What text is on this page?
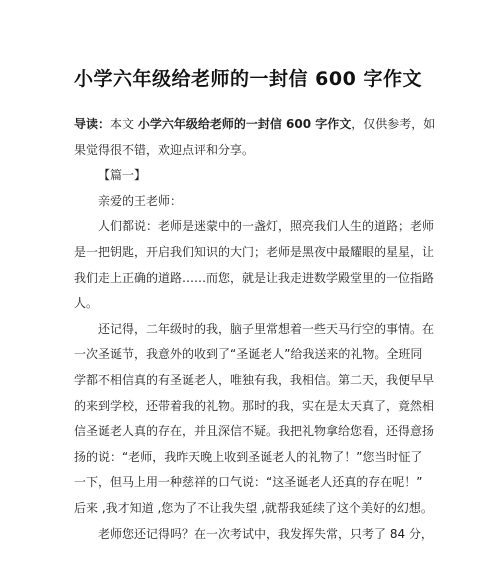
小学六年级给老师的一封信 600 字作文
导读：本文 小学六年级给老师的一封信 600 字作文，仅供参考，如
果觉得很不错，欢迎点评和分享。
【篇一】
亲爱的王老师：
人们都说：老师是迷蒙中的一盏灯，照亮我们人生的道路；老师
是一把钥匙，开启我们知识的大门；老师是黑夜中最耀眼的星星，让
我们走上正确的道路……而您，就是让我走进数学殿堂里的一位指路
人。
还记得，二年级时的我，脑子里常想着一些天马行空的事情。在
一次圣诞节，我意外的收到了“圣诞老人”给我送来的礼物。全班同
学都不相信真的有圣诞老人，唯独有我，我相信。第二天，我便早早
的来到学校，还带着我的礼物。那时的我，实在是太天真了，竟然相
信圣诞老人真的存在，并且深信不疑。我把礼物拿给您看，还得意扬
扬的说：“老师，我昨天晚上收到圣诞老人的礼物了！”您当时怔了
一下，但马上用一种慈祥的口气说：“这圣诞老人还真的存在呢！”
后来 ,我才知道 ,您为了不让我失望 ,就帮我延续了这个美好的幻想。
老师您还记得吗？在一次考试中，我发挥失常，只考了 84 分，
